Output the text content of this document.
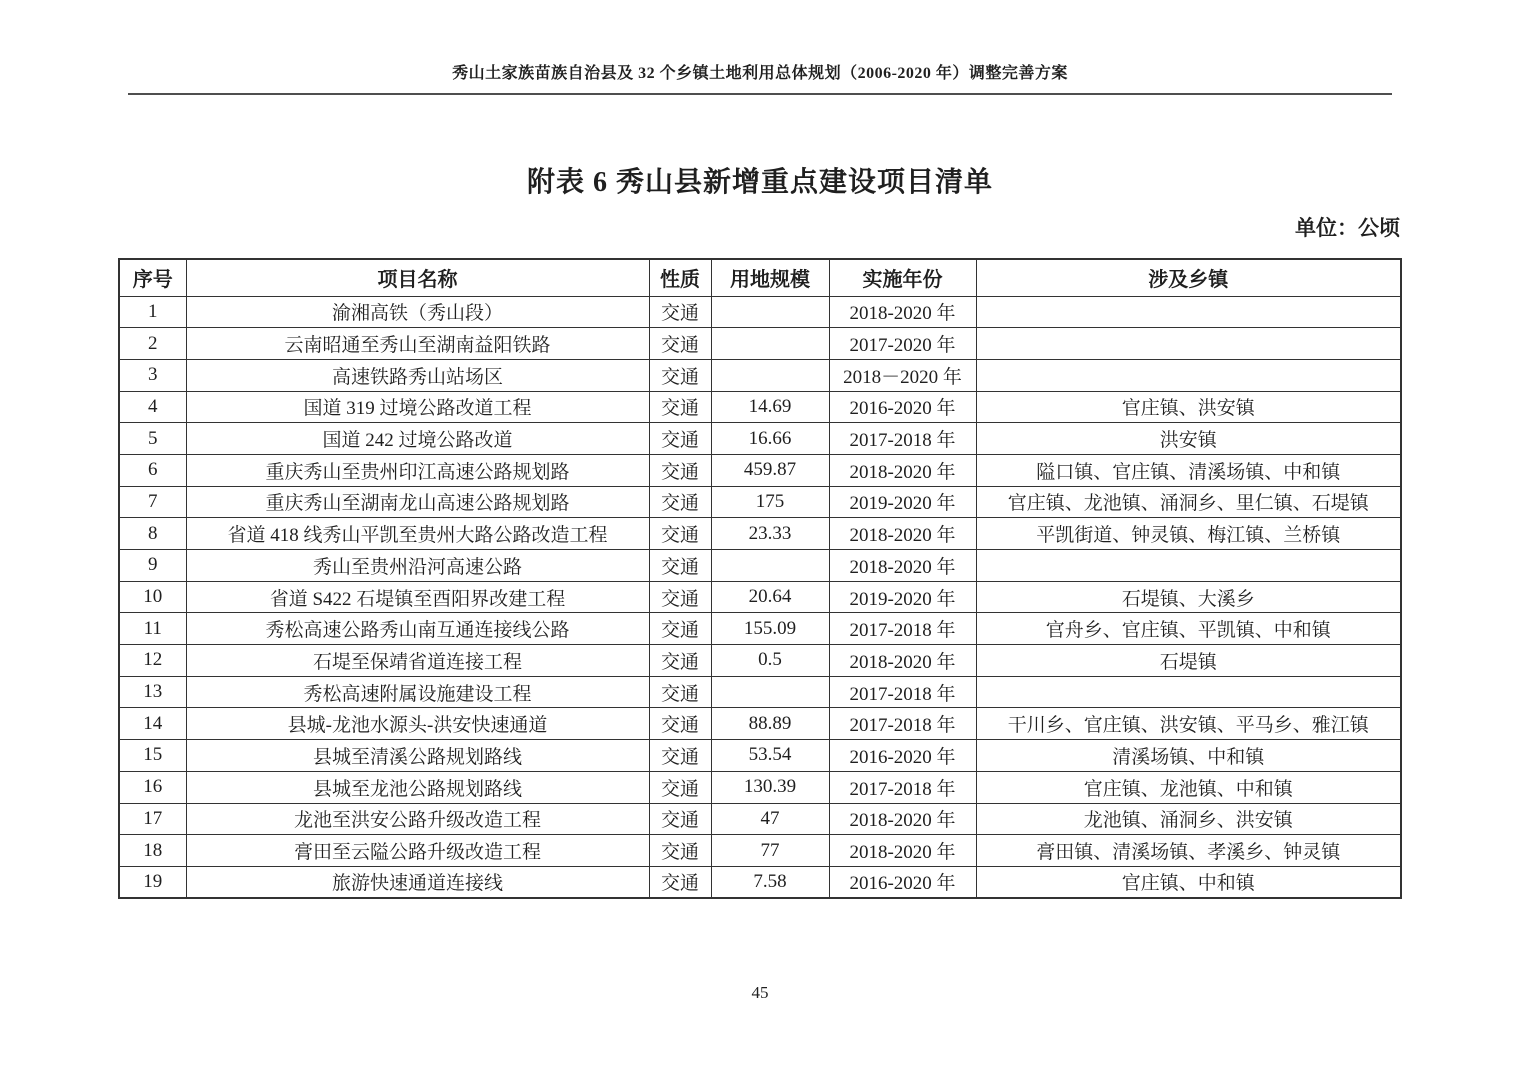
秀山土家族苗族自治县及 32 个乡镇土地利用总体规划（2006-2020 年）调整完善方案
附表 6 秀山县新增重点建设项目清单
单位：公顷
序号	项目名称	性质	用地规模	实施年份	涉及乡镇
1	渝湘高铁（秀山段）	交通		2018-2020 年	
2	云南昭通至秀山至湖南益阳铁路	交通		2017-2020 年	
3	高速铁路秀山站场区	交通		2018－2020 年	
4	国道 319 过境公路改道工程	交通	14.69	2016-2020 年	官庄镇、洪安镇
5	国道 242 过境公路改道	交通	16.66	2017-2018 年	洪安镇
6	重庆秀山至贵州印江高速公路规划路	交通	459.87	2018-2020 年	隘口镇、官庄镇、清溪场镇、中和镇
7	重庆秀山至湖南龙山高速公路规划路	交通	175	2019-2020 年	官庄镇、龙池镇、涌洞乡、里仁镇、石堤镇
8	省道 418 线秀山平凯至贵州大路公路改造工程	交通	23.33	2018-2020 年	平凯街道、钟灵镇、梅江镇、兰桥镇
9	秀山至贵州沿河高速公路	交通		2018-2020 年	
10	省道 S422 石堤镇至酉阳界改建工程	交通	20.64	2019-2020 年	石堤镇、大溪乡
11	秀松高速公路秀山南互通连接线公路	交通	155.09	2017-2018 年	官舟乡、官庄镇、平凯镇、中和镇
12	石堤至保靖省道连接工程	交通	0.5	2018-2020 年	石堤镇
13	秀松高速附属设施建设工程	交通		2017-2018 年	
14	县城-龙池水源头-洪安快速通道	交通	88.89	2017-2018 年	干川乡、官庄镇、洪安镇、平马乡、雅江镇
15	县城至清溪公路规划路线	交通	53.54	2016-2020 年	清溪场镇、中和镇
16	县城至龙池公路规划路线	交通	130.39	2017-2018 年	官庄镇、龙池镇、中和镇
17	龙池至洪安公路升级改造工程	交通	47	2018-2020 年	龙池镇、涌洞乡、洪安镇
18	膏田至云隘公路升级改造工程	交通	77	2018-2020 年	膏田镇、清溪场镇、孝溪乡、钟灵镇
19	旅游快速通道连接线	交通	7.58	2016-2020 年	官庄镇、中和镇
45
